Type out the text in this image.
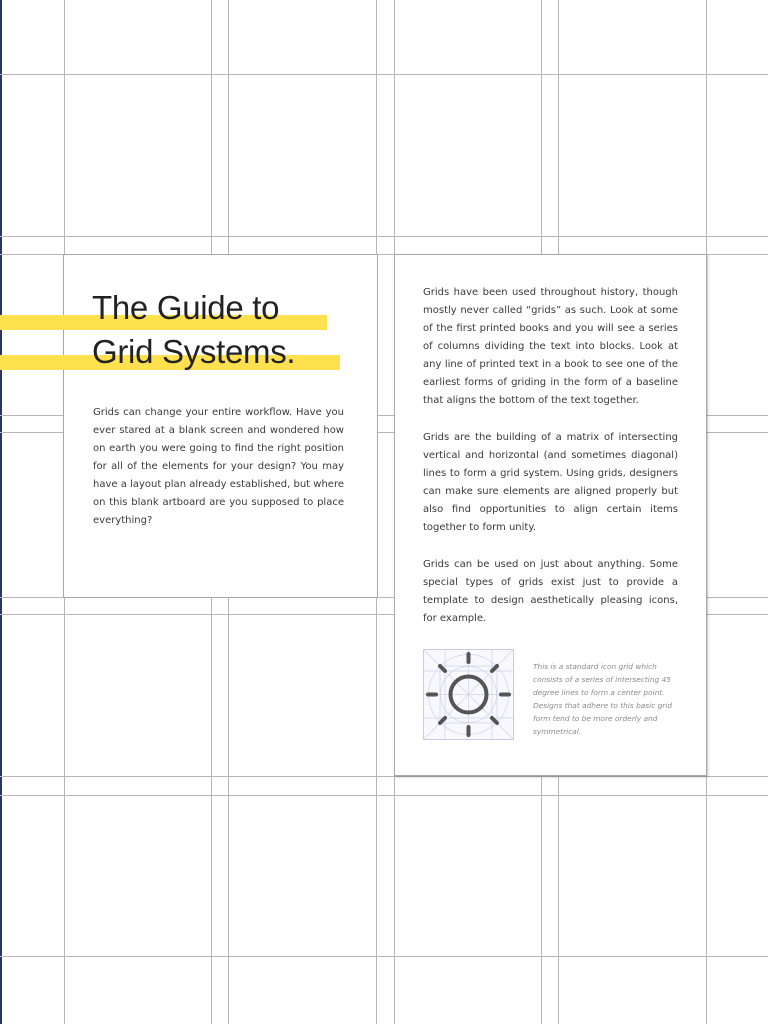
The Guide to
Grid Systems.

Grids can change your entire workflow. Have you ever stared at a blank screen and wondered how on earth you were going to find the right position for all of the elements for your design? You may have a layout plan already established, but where on this blank artboard are you supposed to place everything?

Grids have been used throughout history, though mostly never called “grids” as such. Look at some of the first printed books and you will see a series of columns dividing the text into blocks. Look at any line of printed text in a book to see one of the earliest forms of griding in the form of a baseline that aligns the bottom of the text together.

Grids are the building of a matrix of intersecting vertical and horizontal (and sometimes diagonal) lines to form a grid system. Using grids, designers can make sure elements are aligned properly but also find opportunities to align certain items together to form unity.

Grids can be used on just about anything. Some special types of grids exist just to provide a template to design aesthetically pleasing icons, for example.

This is a standard icon grid which consists of a series of intersecting 45 degree lines to form a center point. Designs that adhere to this basic grid form tend to be more orderly and symmetrical.
